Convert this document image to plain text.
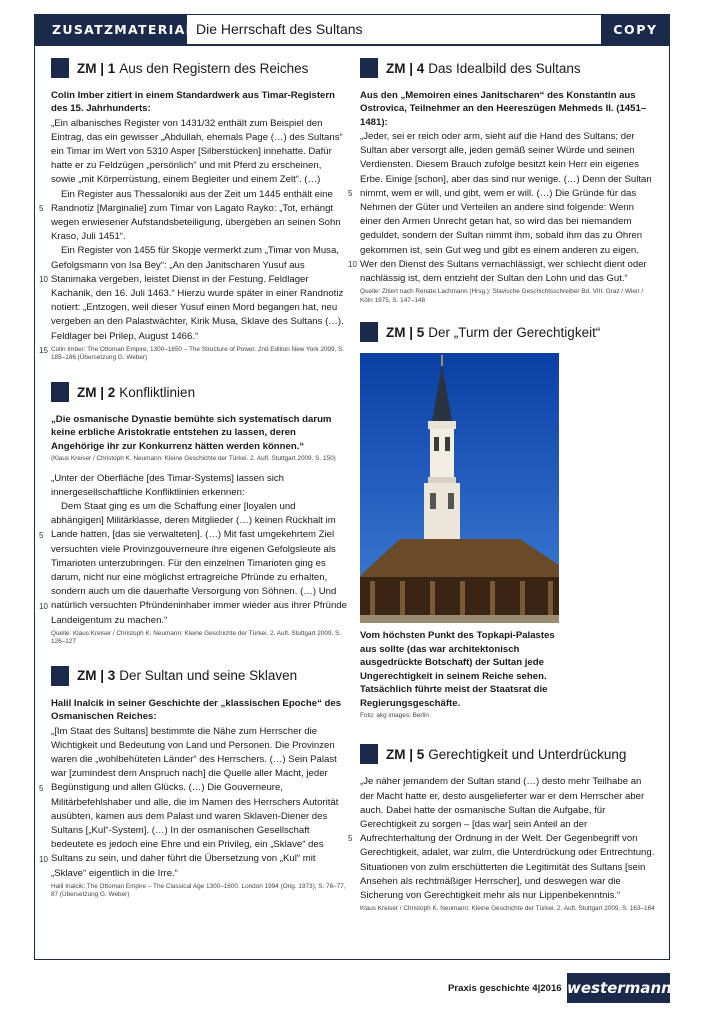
ZUSATZMATERIAL Die Herrschaft des Sultans	COPY
ZM | 1 Aus den Registern des Reiches
Colin Imber zitiert in einem Standardwerk aus Timar-Registern des 15. Jahrhunderts:
5
10
15

„Ein albanisches Register von 1431/32 enthält zum Beispiel den Eintrag, das ein gewisser „Abdullah, ehemals Page (…) des Sultans“ ein Timar im Wert von 5310 Asper [Silberstücken] innehatte. Dafür hatte er zu Feldzügen „persönlich“ und mit Pferd zu erscheinen, sowie „mit Körperrüstung, einem Begleiter und einem Zelt“. (…)

Ein Register aus Thessaloniki aus der Zeit um 1445 enthält eine Randnotiz [Marginalie] zum Timar von Lagato Rayko: „Tot, erhängt wegen erwiesener Aufstandsbeteiligung, übergeben an seinen Sohn Kraso, Juli 1451“.

Ein Register von 1455 für Skopje vermerkt zum „Timar von Musa, Gefolgsmann von Isa Bey“: „An den Janitscharen Yusuf aus Stanimaka vergeben, leistet Dienst in der Festung. Feldlager Kachanik, den 16. Juli 1463.“ Hierzu wurde später in einer Randnotiz notiert: „Entzogen, weil dieser Yusuf einen Mord begangen hat, neu vergeben an den Palastwächter, Kirik Musa, Sklave des Sultans (…). Feldlager bei Prilep, August 1466.“

Colin Imber: The Ottoman Empire, 1300–1650 – The Structure of Power. 2nd Edition New York 2009, S. 185–186 (Übersetzung G. Weber)
ZM | 2 Konfliktlinien
„Die osmanische Dynastie bemühte sich systematisch darum keine erbliche Aristokratie entstehen zu lassen, deren Angehörige ihr zur Konkurrenz hätten werden können.“
(Klaus Kreiser / Christoph K. Neumann: Kleine Geschichte der Türkei. 2. Aufl. Stuttgart 2009, S. 150)
5
10

„Unter der Oberfläche [des Timar-Systems] lassen sich innergesellschaftliche Konfliktlinien erkennen:

Dem Staat ging es um die Schaffung einer [loyalen und abhängigen] Militärklasse, deren Mitglieder (…) keinen Rückhalt im Lande hatten, [das sie verwalteten]. (…) Mit fast umgekehrtem Ziel versuchten viele Provinzgouverneure ihre eigenen Gefolgsleute als Timarioten unterzubringen. Für den einzelnen Timarioten ging es darum, nicht nur eine möglichst ertragreiche Pfründe zu erhalten, sondern auch um die dauerhafte Versorgung von Söhnen. (…) Und natürlich versuchten Pfründeninhaber immer wieder aus ihrer Pfründe Landeigentum zu machen.“

Quelle: Klaus Kreiser / Christoph K. Neumann: Kleine Geschichte der Türkei. 2. Aufl. Stuttgart 2009, S. 126–127
ZM | 3 Der Sultan und seine Sklaven
Halil Inalcik in seiner Geschichte der „klassischen Epoche“ des Osmanischen Reiches:
5
10

„[Im Staat des Sultans] bestimmte die Nähe zum Herrscher die Wichtigkeit und Bedeutung von Land und Personen. Die Provinzen waren die „wohlbehüteten Länder“ des Herrschers. (…) Sein Palast war [zumindest dem Anspruch nach] die Quelle aller Macht, jeder Begünstigung und allen Glücks. (…) Die Gouverneure, Militärbefehlshaber und alle, die im Namen des Herrschers Autorität ausübten, kamen aus dem Palast und waren Sklaven-Diener des Sultans [„Kul“-System]. (…) In der osmanischen Gesellschaft bedeutete es jedoch eine Ehre und ein Privileg, ein „Sklave“ des Sultans zu sein, und daher führt die Übersetzung von „Kul“ mit „Sklave“ eigentlich in die Irre.“

Halil Inalcik: The Ottoman Empire – The Classical Age 1300–1600. London 1994 (Orig. 1973), S. 76–77, 87 (Übersetzung G. Weber)
ZM | 4 Das Idealbild des Sultans
Aus den „Memoiren eines Janitscharen“ des Konstantin aus Ostrovica, Teilnehmer an den Heereszügen Mehmeds II. (1451–1481):
5
10

„Jeder, sei er reich oder arm, sieht auf die Hand des Sultans; der Sultan aber versorgt alle, jeden gemäß seiner Würde und seinen Verdiensten. Diesem Brauch zufolge besitzt kein Herr ein eigenes Erbe. Einige [schon], aber das sind nur wenige. (…) Denn der Sultan nimmt, wem er will, und gibt, wem er will. (…) Die Gründe für das Nehmen der Güter und Verteilen an andere sind folgende: Wenn einer den Armen Unrecht getan hat, so wird das bei niemandem geduldet, sondern der Sultan nimmt ihm, sobald ihm das zu Ohren gekommen ist, sein Gut weg und gibt es einem anderen zu eigen. Wer den Dienst des Sultans vernachlässigt, wer schlecht dient oder nachlässig ist, dem entzieht der Sultan den Lohn und das Gut.“

Quelle: Zitiert nach Renate Lachmann (Hrsg.): Slavische Geschichtsschreiber Bd. VIII. Graz / Wien / Köln 1975, S. 147–148
ZM | 5 Der „Turm der Gerechtigkeit“
Vom höchsten Punkt des Topkapi-Palastes aus sollte (das war architektonisch ausgedrückte Botschaft) der Sultan jede Ungerechtigkeit in seinem Reiche sehen. Tatsächlich führte meist der Staatsrat die Regierungsgeschäfte.
Foto: akg images, Berlin
ZM | 5 Gerechtigkeit und Unterdrückung
5

„Je näher jemandem der Sultan stand (…) desto mehr Teilhabe an der Macht hatte er, desto ausgelieferter war er dem Herrscher aber auch. Dabei hatte der osmanische Sultan die Aufgabe, für Gerechtigkeit zu sorgen – [das war] sein Anteil an der Aufrechterhaltung der Ordnung in der Welt. Der Gegenbegriff von Gerechtigkeit, adalet, war zulm, die Unterdrückung oder Entrechtung. Situationen von zulm erschütterten die Legitimität des Sultans [sein Ansehen als rechtmäßiger Herrscher], und deswegen war die Sicherung von Gerechtigkeit mehr als nur Lippenbekenntnis.“

Klaus Kreiser / Christoph K. Neumann: Kleine Geschichte der Türkei. 2. Aufl. Stuttgart 2009, S. 163–164
Praxis geschichte 4|2016 westermann
